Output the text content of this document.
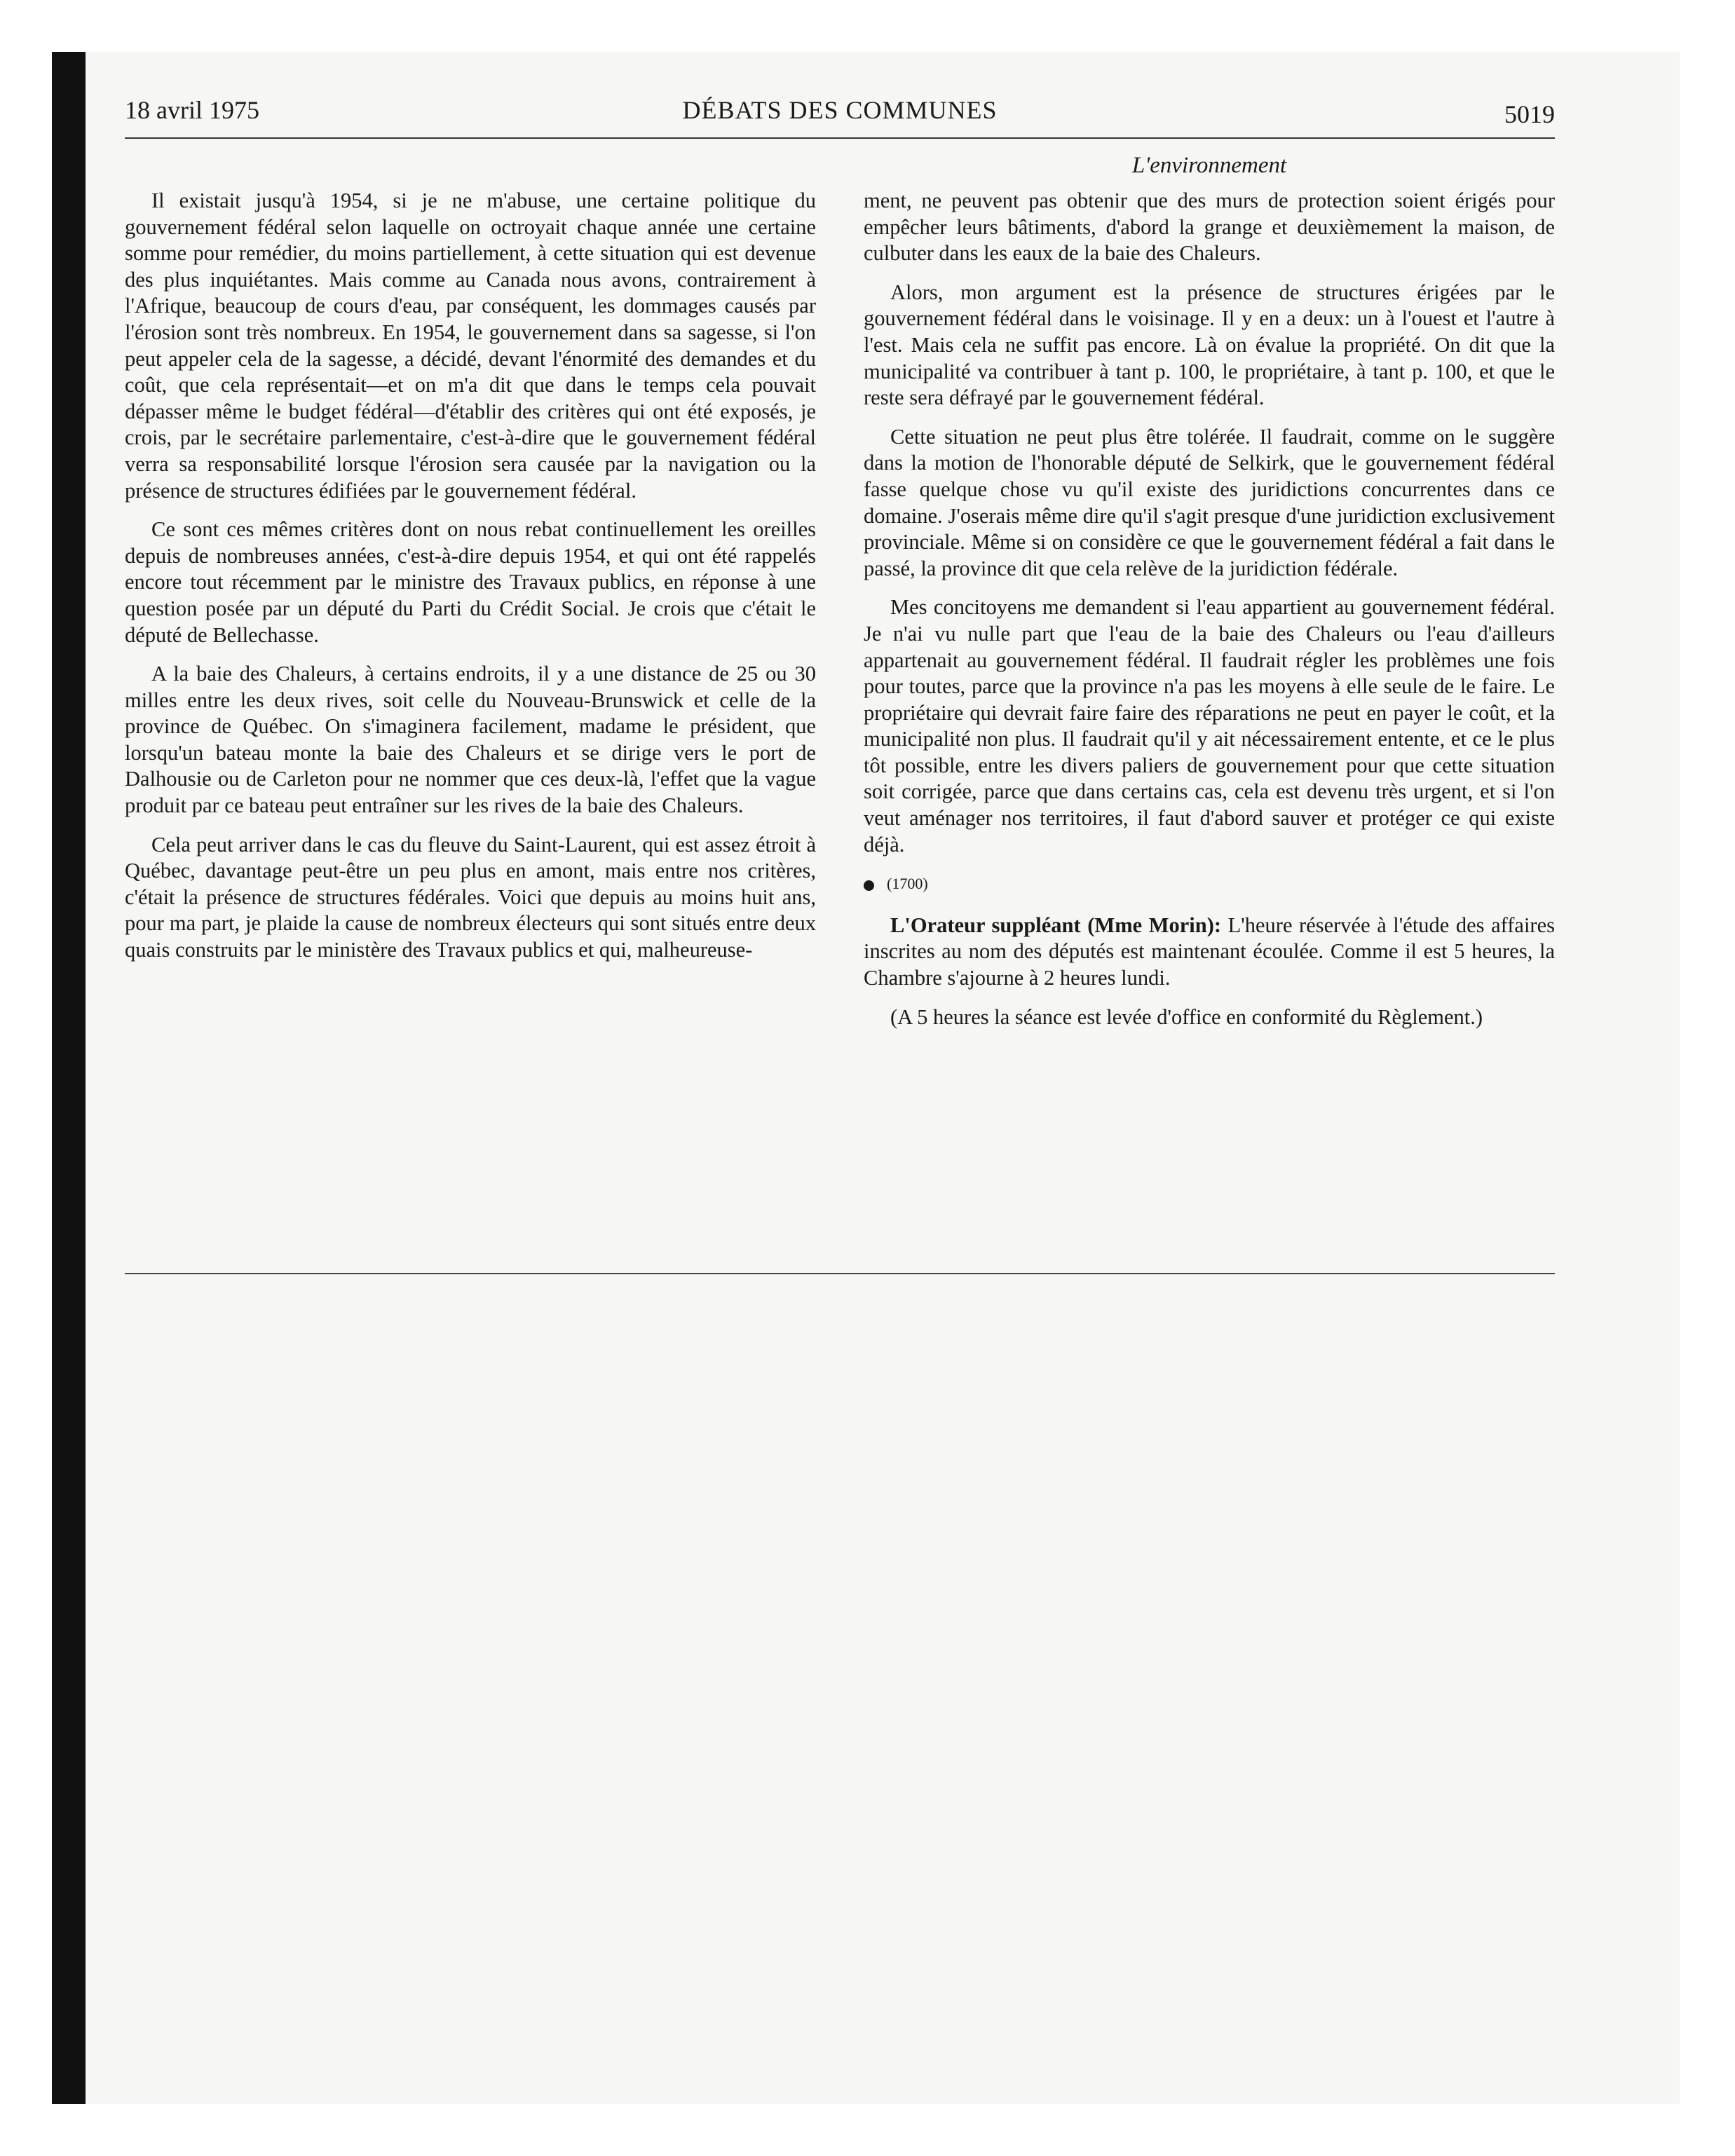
18 avril 1975	DÉBATS DES COMMUNES	5019
L'environnement

Il existait jusqu'à 1954, si je ne m'abuse, une certaine politique du gouvernement fédéral selon laquelle on octroyait chaque année une certaine somme pour remédier, du moins partiellement, à cette situation qui est devenue des plus inquiétantes. Mais comme au Canada nous avons, contrairement à l'Afrique, beaucoup de cours d'eau, par conséquent, les dommages causés par l'érosion sont très nombreux. En 1954, le gouvernement dans sa sagesse, si l'on peut appeler cela de la sagesse, a décidé, devant l'énormité des demandes et du coût, que cela représentait—et on m'a dit que dans le temps cela pouvait dépasser même le budget fédéral—d'établir des critères qui ont été exposés, je crois, par le secrétaire parlementaire, c'est-à-dire que le gouvernement fédéral verra sa responsabilité lorsque l'érosion sera causée par la navigation ou la présence de structures édifiées par le gouvernement fédéral.

Ce sont ces mêmes critères dont on nous rebat continuellement les oreilles depuis de nombreuses années, c'est-à-dire depuis 1954, et qui ont été rappelés encore tout récemment par le ministre des Travaux publics, en réponse à une question posée par un député du Parti du Crédit Social. Je crois que c'était le député de Bellechasse.

A la baie des Chaleurs, à certains endroits, il y a une distance de 25 ou 30 milles entre les deux rives, soit celle du Nouveau-Brunswick et celle de la province de Québec. On s'imaginera facilement, madame le président, que lorsqu'un bateau monte la baie des Chaleurs et se dirige vers le port de Dalhousie ou de Carleton pour ne nommer que ces deux-là, l'effet que la vague produit par ce bateau peut entraîner sur les rives de la baie des Chaleurs.

Cela peut arriver dans le cas du fleuve du Saint-Laurent, qui est assez étroit à Québec, davantage peut-être un peu plus en amont, mais entre nos critères, c'était la présence de structures fédérales. Voici que depuis au moins huit ans, pour ma part, je plaide la cause de nombreux électeurs qui sont situés entre deux quais construits par le ministère des Travaux publics et qui, malheureuse-

ment, ne peuvent pas obtenir que des murs de protection soient érigés pour empêcher leurs bâtiments, d'abord la grange et deuxièmement la maison, de culbuter dans les eaux de la baie des Chaleurs.

Alors, mon argument est la présence de structures érigées par le gouvernement fédéral dans le voisinage. Il y en a deux: un à l'ouest et l'autre à l'est. Mais cela ne suffit pas encore. Là on évalue la propriété. On dit que la municipalité va contribuer à tant p. 100, le propriétaire, à tant p. 100, et que le reste sera défrayé par le gouvernement fédéral.

Cette situation ne peut plus être tolérée. Il faudrait, comme on le suggère dans la motion de l'honorable député de Selkirk, que le gouvernement fédéral fasse quelque chose vu qu'il existe des juridictions concurrentes dans ce domaine. J'oserais même dire qu'il s'agit presque d'une juridiction exclusivement provinciale. Même si on considère ce que le gouvernement fédéral a fait dans le passé, la province dit que cela relève de la juridiction fédérale.

Mes concitoyens me demandent si l'eau appartient au gouvernement fédéral. Je n'ai vu nulle part que l'eau de la baie des Chaleurs ou l'eau d'ailleurs appartenait au gouvernement fédéral. Il faudrait régler les problèmes une fois pour toutes, parce que la province n'a pas les moyens à elle seule de le faire. Le propriétaire qui devrait faire faire des réparations ne peut en payer le coût, et la municipalité non plus. Il faudrait qu'il y ait nécessairement entente, et ce le plus tôt possible, entre les divers paliers de gouvernement pour que cette situation soit corrigée, parce que dans certains cas, cela est devenu très urgent, et si l'on veut aménager nos territoires, il faut d'abord sauver et protéger ce qui existe déjà.

(1700)

L'Orateur suppléant (Mme Morin): L'heure réservée à l'étude des affaires inscrites au nom des députés est maintenant écoulée. Comme il est 5 heures, la Chambre s'ajourne à 2 heures lundi.

(A 5 heures la séance est levée d'office en conformité du Règlement.)
